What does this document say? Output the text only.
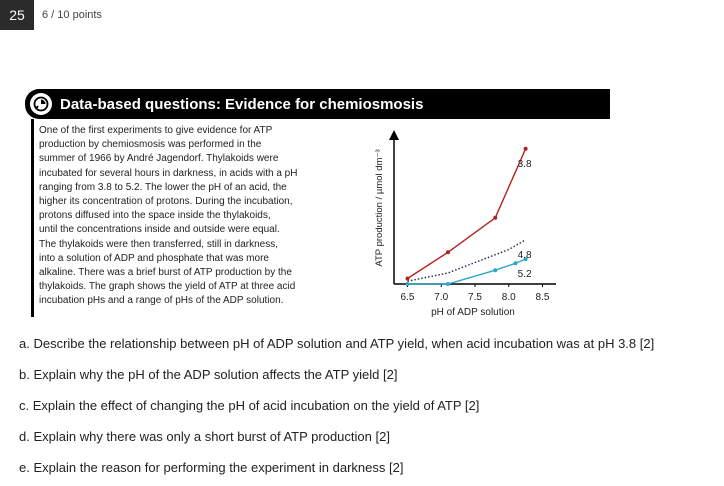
25	6 / 10 points
Data-based questions: Evidence for chemiosmosis
One of the first experiments to give evidence for ATP
production by chemiosmosis was performed in the
summer of 1966 by André Jagendorf. Thylakoids were
incubated for several hours in darkness, in acids with a pH
ranging from 3.8 to 5.2. The lower the pH of an acid, the
higher its concentration of protons. During the incubation,
protons diffused into the space inside the thylakoids,
until the concentrations inside and outside were equal.
The thylakoids were then transferred, still in darkness,
into a solution of ADP and phosphate that was more
alkaline. There was a brief burst of ATP production by the
thylakoids. The graph shows the yield of ATP at three acid
incubation pHs and a range of pHs of the ADP solution.	6.5 7.0 7.5 8.0 8.5
3.8
4.8
5.2
pH of ADP solution
ATP production / µmol dm⁻³
a. Describe the relationship between pH of ADP solution and ATP yield, when acid incubation was at pH 3.8 [2]
b. Explain why the pH of the ADP solution affects the ATP yield [2]
c. Explain the effect of changing the pH of acid incubation on the yield of ATP [2]
d. Explain why there was only a short burst of ATP production [2]
e. Explain the reason for performing the experiment in darkness [2]
